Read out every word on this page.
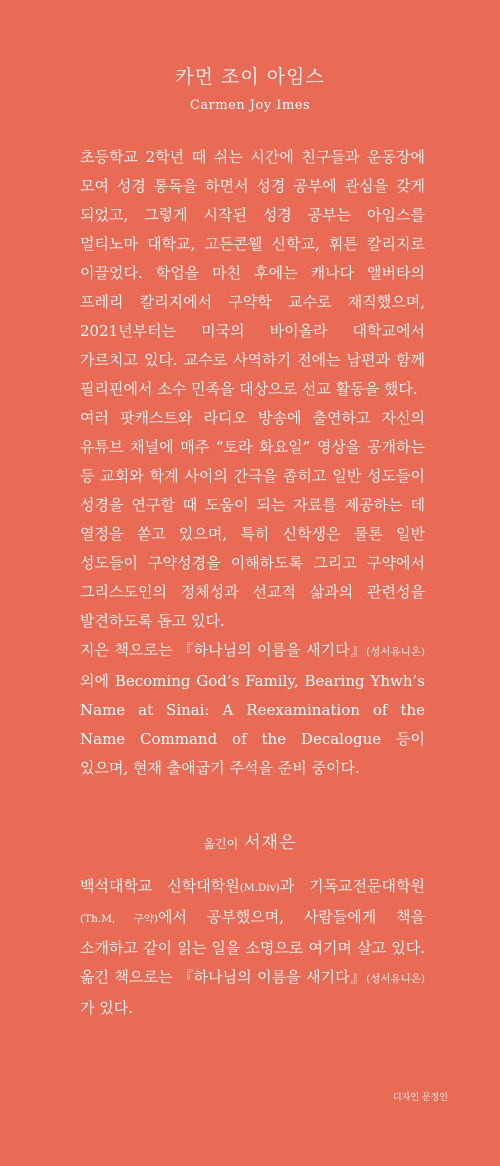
카먼 조이 아임스
Carmen Joy Imes

초등학교 2학년 때 쉬는 시간에 친구들과 운동장에 모여 성경 통독을 하면서 성경 공부에 관심을 갖게 되었고, 그렇게 시작된 성경 공부는 아임스를 멀티노마 대학교, 고든콘웰 신학교, 휘튼 칼리지로 이끌었다. 학업을 마친 후에는 캐나다 앨버타의 프레리 칼리지에서 구약학 교수로 재직했으며, 2021년부터는 미국의 바이올라 대학교에서 가르치고 있다. 교수로 사역하기 전에는 남편과 함께 필리핀에서 소수 민족을 대상으로 선교 활동을 했다.

여러 팟캐스트와 라디오 방송에 출연하고 자신의 유튜브 채널에 매주 “토라 화요일” 영상을 공개하는 등 교회와 학계 사이의 간극을 좁히고 일반 성도들이 성경을 연구할 때 도움이 되는 자료를 제공하는 데 열정을 쏟고 있으며, 특히 신학생은 물론 일반 성도들이 구약성경을 이해하도록 그리고 구약에서 그리스도인의 정체성과 선교적 삶과의 관련성을 발견하도록 돕고 있다.

지은 책으로는 『하나님의 이름을 새기다』(성서유니온) 외에 Becoming God’s Family, Bearing Yhwh’s Name at Sinai: A Reexamination of the Name Command of the Decalogue 등이 있으며, 현재 출애굽기 주석을 준비 중이다.

옮긴이 서재은

백석대학교 신학대학원(M.Div)과 기독교전문대학원(Th.M, 구약)에서 공부했으며, 사람들에게 책을 소개하고 같이 읽는 일을 소명으로 여기며 살고 있다. 옮긴 책으로는 『하나님의 이름을 새기다』(성서유니온) 가 있다.

디자인 문정인
